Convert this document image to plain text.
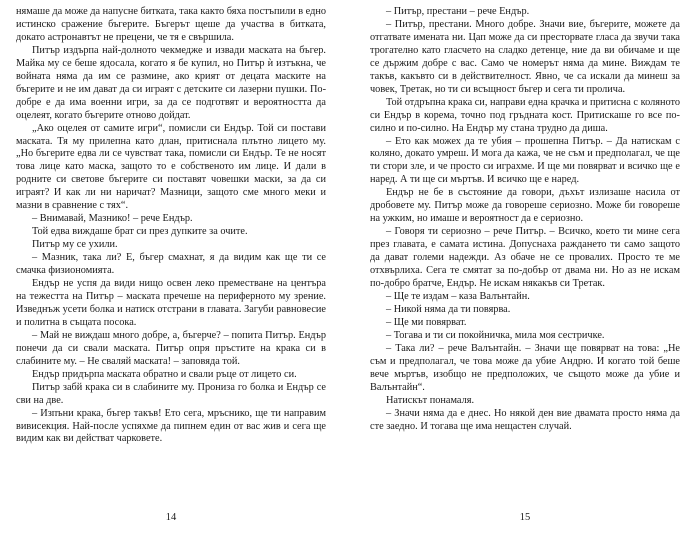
нямаше да може да напусне битката, така както бяха постъпили в едно истинско сражение бъгерите. Бъгерът щеше да участва в битката, докато астронавтът не прецени, че тя е свършила.

Питър издърпа най-долното чекмедже и извади маската на бъгер. Майка му се беше ядосала, когато я бе купил, но Питър ѝ изтъкна, че войната няма да им се размине, ако крият от децата маските на бъгерите и не им дават да си играят с детските си лазерни пушки. По-добре е да има военни игри, за да се подготвят и вероятността да оцелеят, когато бъгерите отново дойдат.

„Ако оцелея от самите игри“, помисли си Ендър. Той си постави маската. Тя му прилепна като длан, притиснала плътно лицето му. „Но бъгерите едва ли се чувстват така, помисли си Ендър. Те не носят това лице като маска, защото то е собственото им лице. И дали в родните си светове бъгерите си поставят човешки маски, за да си играят? И как ли ни наричат? Мазници, защото сме много меки и мазни в сравнение с тях“.

– Внимавай, Мазнико! – рече Ендър.

Той едва виждаше брат си през дупките за очите.

Питър му се ухили.

– Мазник, така ли? Е, бъгер смахнат, я да видим как ще ти се смачка физиономията.

Ендър не успя да види нищо освен леко преместване на центъра на тежестта на Питър – маската пречеше на периферното му зрение. Изведнъж усети болка и натиск отстрани в главата. Загуби равновесие и политна в същата посока.

– Май не виждаш много добре, а, бъгерче? – попита Питър. Ендър понечи да си свали маската. Питър опря пръстите на крака си в слабините му. – Не сваляй маската! – заповяда той.

Ендър придърпа маската обратно и свали ръце от лицето си.

Питър забй крака си в слабините му. Прониза го болка и Ендър се сви на две.

– Изпъни крака, бъгер такъв! Ето сега, мръснико, ще ти направим вивисекция. Най-после успяхме да пипнем един от вас жив и сега ще видим как ви действат чарковете.

14

– Питър, престани – рече Ендър.

– Питър, престани. Много добре. Значи вие, бъгерите, можете да отгатвате имената ни. Цап може да си престорвате гласа да звучи така трогателно като гласчето на сладко детенце, ние да ви обичаме и ще се държим добре с вас. Само че номерът няма да мине. Виждам те такъв, какъвто си в действителност. Явно, че са искали да минеш за човек, Третак, но ти си всъщност бъгер и сега ти пролича.

Той отдръпна крака си, направи една крачка и притисна с коляното си Ендър в корема, точно под гръдната кост. Притискаше го все по-силно и по-силно. На Ендър му стана трудно да диша.

– Ето как можех да те убия – прошепна Питър. – Да натискам с коляно, докато умреш. И мога да кажа, че не съм и предполагал, че ще ти стори зле, и че просто си играхме. И ще ми повярват и всичко ще е наред. А ти ще си мъртъв. И всичко ще е наред.

Ендър не бе в състояние да говори, дъхът излизаше насила от дробовете му. Питър може да говореше сериозно. Може би говореше на ужким, но имаше и вероятност да е сериозно.

– Говоря ти сериозно – рече Питър. – Всичко, което ти мине сега през главата, е самата истина. Допуснаха раждането ти само защото да дават големи надежди. Аз обаче не се провалих. Просто те ме отхвърлиха. Сега те смятат за по-добър от двама ни. Но аз не искам по-добро братче, Ендър. Не искам някакъв си Третак.

– Ще те издам – каза Валънтайн.

– Никой няма да ти повярва.

– Ще ми повярват.

– Тогава и ти си покойничка, мила моя сестричке.

– Така ли? – рече Валънтайн. – Значи ще повярват на това: „Не съм и предполагал, че това може да убие Андрю. И когато той беше вече мъртъв, изобщо не предположих, че същото може да убие и Валънтайн“.

Натискът понамаля.

– Значи няма да е днес. Но някой ден вие двамата просто няма да сте заедно. И тогава ще има нещастен случай.

15
